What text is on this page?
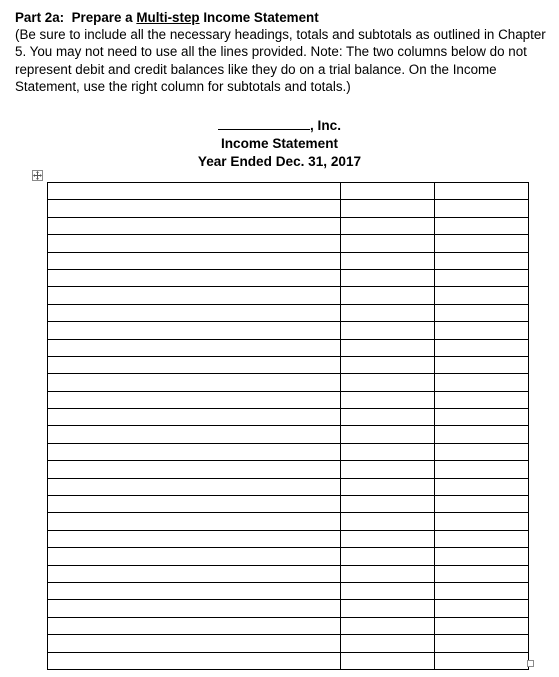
Part 2a: Prepare a Multi-step Income Statement
(Be sure to include all the necessary headings, totals and subtotals as outlined in Chapter 5. You may not need to use all the lines provided. Note: The two columns below do not represent debit and credit balances like they do on a trial balance. On the Income Statement, use the right column for subtotals and totals.)
, Inc.
Income Statement
Year Ended Dec. 31, 2017
